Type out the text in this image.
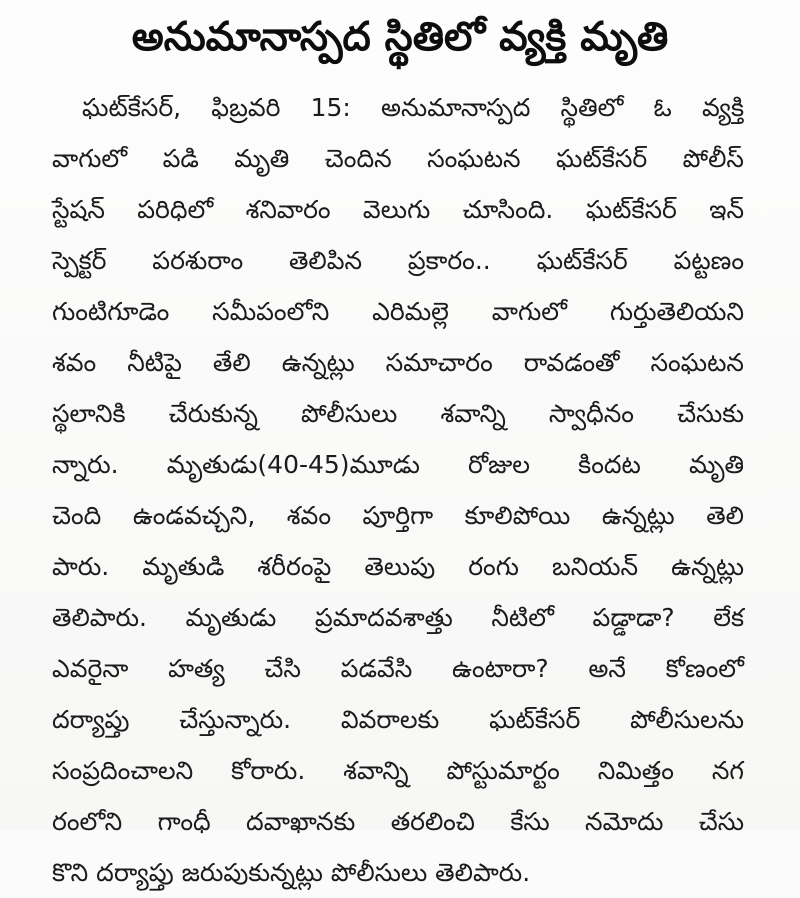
అనుమానాస్పద స్థితిలో వ్యక్తి మృతి
ఘట్‌కేసర్, ఫిబ్రవరి 15: అనుమానాస్పద స్థితిలో ఓ వ్యక్తి
వాగులో పడి మృతి చెందిన సంఘటన ఘట్‌కేసర్ పోలీస్
స్టేషన్ పరిధిలో శనివారం వెలుగు చూసింది. ఘట్‌కేసర్ ఇన్
స్పెక్టర్ పరశురాం తెలిపిన ప్రకారం.. ఘట్‌కేసర్ పట్టణం
గుంటిగూడెం సమీపంలోని ఎరిమల్లె వాగులో గుర్తుతెలియని
శవం నీటిపై తేలి ఉన్నట్లు సమాచారం రావడంతో సంఘటన
స్థలానికి చేరుకున్న పోలీసులు శవాన్ని స్వాధీనం చేసుకు
న్నారు. మృతుడు(40-45)మూడు రోజుల కిందట మృతి
చెంది ఉండవచ్చని, శవం పూర్తిగా కూలిపోయి ఉన్నట్లు తెలి
పారు. మృతుడి శరీరంపై తెలుపు రంగు బనియన్ ఉన్నట్లు
తెలిపారు. మృతుడు ప్రమాదవశాత్తు నీటిలో పడ్డాడా? లేక
ఎవరైనా హత్య చేసి పడవేసి ఉంటారా? అనే కోణంలో
దర్యాప్తు చేస్తున్నారు. వివరాలకు ఘట్‌కేసర్ పోలీసులను
సంప్రదించాలని కోరారు. శవాన్ని పోస్టుమార్టం నిమిత్తం నగ
రంలోని గాంధీ దవాఖానకు తరలించి కేసు నమోదు చేసు
కొని దర్యాప్తు జరుపుకున్నట్లు పోలీసులు తెలిపారు.
